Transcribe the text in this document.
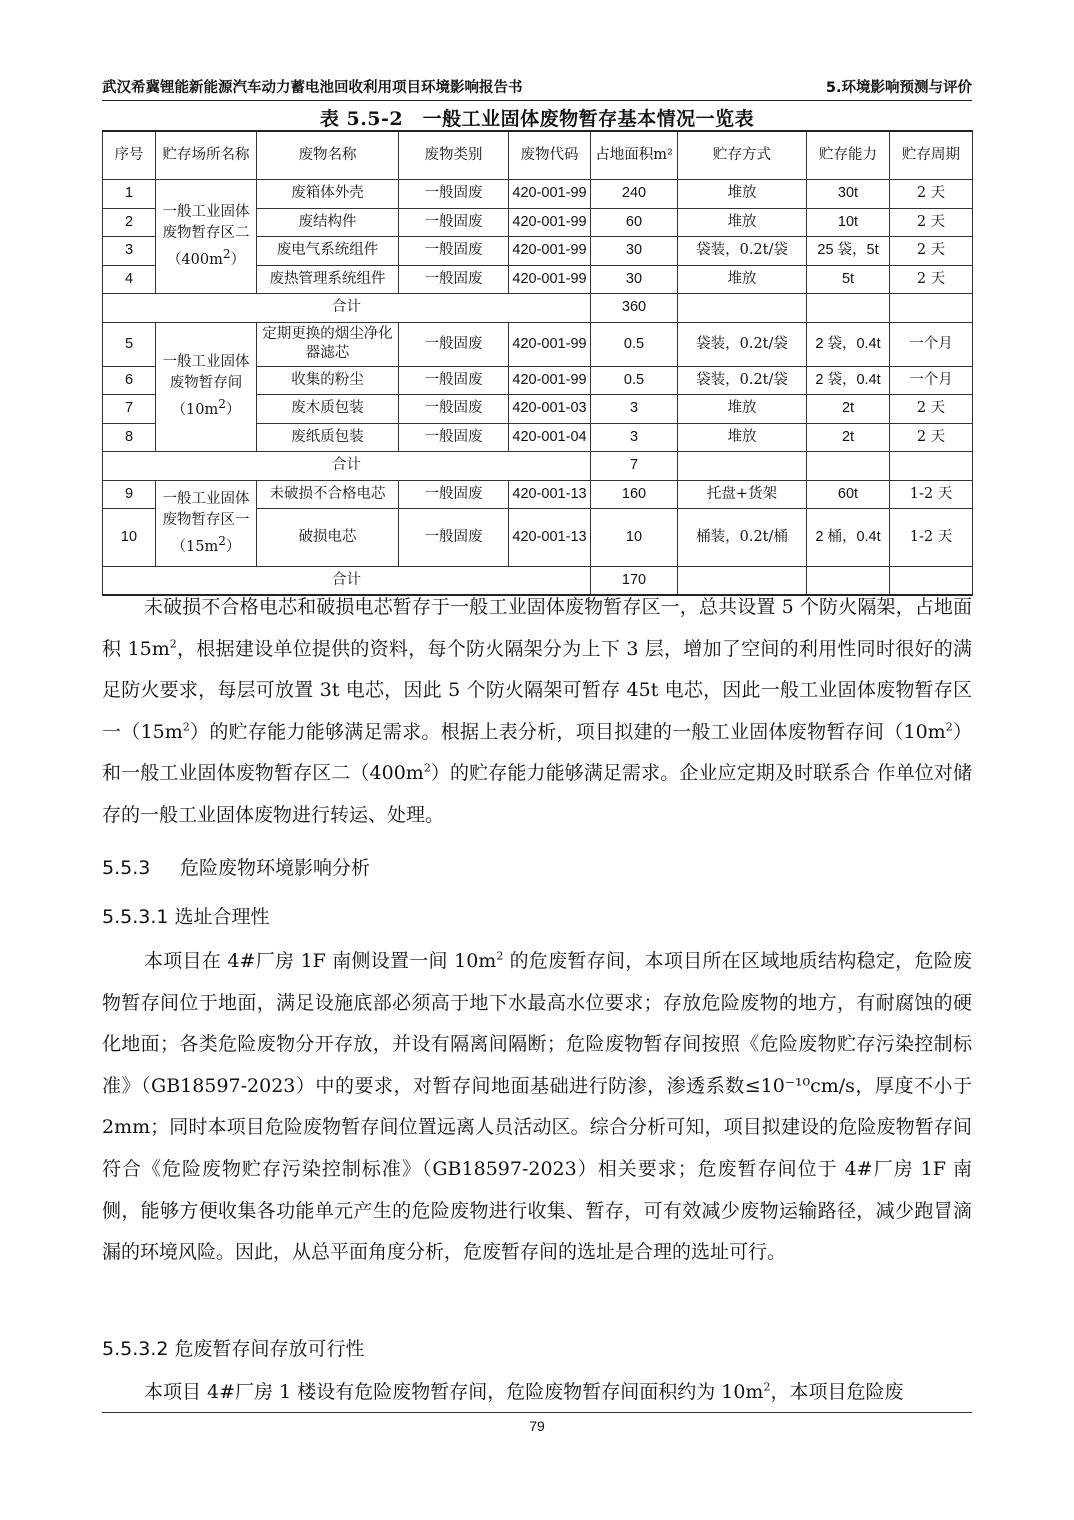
武汉希冀锂能新能源汽车动力蓄电池回收利用项目环境影响报告书	5.环境影响预测与评价
表 5.5-2　一般工业固体废物暂存基本情况一览表
序号	贮存场所名称	废物名称	废物类别	废物代码	占地面积m²	贮存方式	贮存能力	贮存周期
1	一般工业固体废物暂存区二$(400m^2)$	废箱体外壳	一般固废	420-001-99	240	堆放	30t	2 天
2		废结构件	一般固废	420-001-99	60	堆放	10t	2 天
3		废电气系统组件	一般固废	420-001-99	30	袋装，0.2t/袋	25 袋，5t	2 天
4		废热管理系统组件	一般固废	420-001-99	30	堆放	5t	2 天
合计					360			
5	一般工业固体废物暂存间$(10m^2)$	定期更换的烟尘净化器滤芯	一般固废	420-001-99	0.5	袋装，0.2t/袋	2 袋，0.4t	一个月
6		收集的粉尘	一般固废	420-001-99	0.5	袋装，0.2t/袋	2 袋，0.4t	一个月
7		废木质包装	一般固废	420-001-03	3	堆放	2t	2 天
8		废纸质包装	一般固废	420-001-04	3	堆放	2t	2 天
合计					7			
9	一般工业固体废物暂存区一$(15m^2)$	未破损不合格电芯	一般固废	420-001-13	160	托盘+货架	60t	1-2 天
10		破损电芯	一般固废	420-001-13	10	桶装，0.2t/桶	2 桶，0.4t	1-2 天
合计					170			

未破损不合格电芯和破损电芯暂存于一般工业固体废物暂存区一，总共设置 5 个防火隔架，占地面积 $15m^2$，根据建设单位提供的资料，每个防火隔架分为上下 3 层，增加了空间的利用性同时很好的满足防火要求，每层可放置 3t 电芯，因此 5 个防火隔架可暂存 45t 电芯，因此一般工业固体废物暂存区一$(15m^2)$的贮存能力能够满足需求。根据上表分析，项目拟建的一般工业固体废物暂存间$(10m^2)$和一般工业固体废物暂存区二$(400m^2)$的贮存能力能够满足需求。企业应定期及时联系合 作单位对储存的一般工业固体废物进行转运、处理。

5.5.3 危险废物环境影响分析
5.5.3.1 选址合理性

本项目在 4#厂房 1F 南侧设置一间 $10m^2$ 的危废暂存间，本项目所在区域地质结构稳定，危险废物暂存间位于地面，满足设施底部必须高于地下水最高水位要求；存放危险废物的地方，有耐腐蚀的硬化地面；各类危险废物分开存放，并设有隔离间隔断；危险废物暂存间按照《危险废物贮存污染控制标准》（GB18597-2023）中的要求，对暂存间地面基础进行防渗，渗透系数≤10⁻¹⁰cm/s，厚度不小于 2mm；同时本项目危险废物暂存间位置远离人员活动区。综合分析可知，项目拟建设的危险废物暂存间符合《危险废物贮存污染控制标准》（GB18597-2023）相关要求；危废暂存间位于 4#厂房 1F 南侧，能够方便收集各功能单元产生的危险废物进行收集、暂存，可有效减少废物运输路径，减少跑冒滴漏的环境风险。因此，从总平面角度分析，危废暂存间的选址是合理的选址可行。

5.5.3.2 危废暂存间存放可行性

本项目 4#厂房 1 楼设有危险废物暂存间，危险废物暂存间面积约为 $10m^2$，本项目危险废

79
